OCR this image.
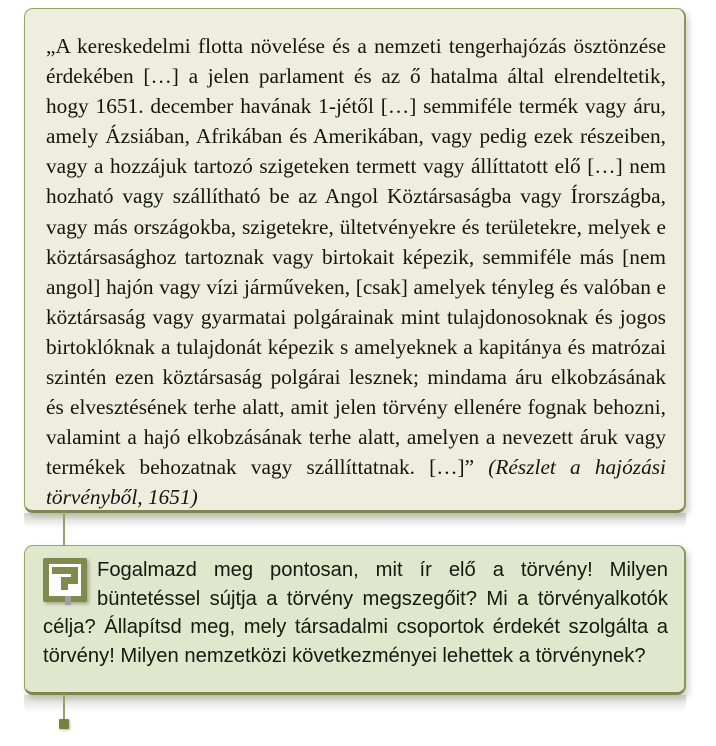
„A kereskedelmi flotta növelése és a nemzeti tengerhajózás ösztönzése érdekében […] a jelen parlament és az ő hatalma által elrendeltetik, hogy 1651. december havának 1-jétől […] semmiféle termék vagy áru, amely Ázsiában, Afrikában és Amerikában, vagy pedig ezek részeiben, vagy a hozzájuk tartozó szigeteken termett vagy állíttatott elő […] nem hozható vagy szállítható be az Angol Köztársaságba vagy Írországba, vagy más országokba, szigetekre, ültetvényekre és területekre, melyek e köztársasághoz tartoznak vagy birtokait képezik, semmiféle más [nem angol] hajón vagy vízi járműveken, [csak] amelyek tényleg és valóban e köztársaság vagy gyarmatai polgárainak mint tulajdonosoknak és jogos birtoklóknak a tulajdonát képezik s amelyeknek a kapitánya és matrózai szintén ezen köztársaság polgárai lesznek; mindama áru elkobzásának és elvesztésének terhe alatt, amit jelen törvény ellenére fognak behozni, valamint a hajó elkobzásának terhe alatt, amelyen a nevezett áruk vagy termékek behozatnak vagy szállíttatnak. […]” (Részlet a hajózási törvényből, 1651)
Fogalmazd meg pontosan, mit ír elő a törvény! Milyen büntetéssel sújtja a törvény megszegőit? Mi a törvényalkotók célja? Állapítsd meg, mely társadalmi csoportok érdekét szolgálta a törvény! Milyen nemzetközi következményei lehettek a törvénynek?
